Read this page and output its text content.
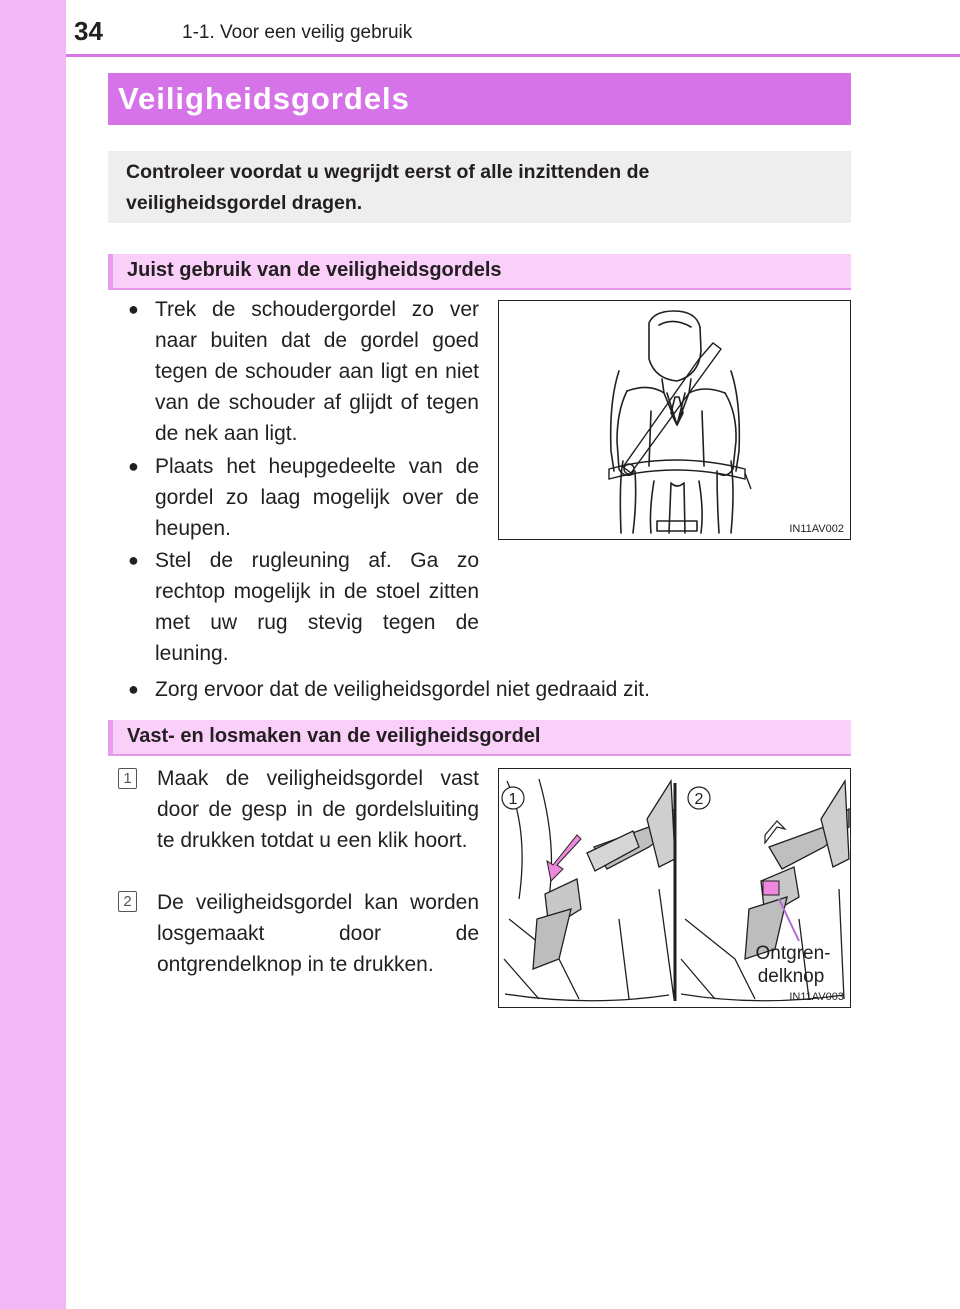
34	1-1. Voor een veilig gebruik
Veiligheidsgordels
Controleer voordat u wegrijdt eerst of alle inzittenden de veiligheidsgordel dragen.
Juist gebruik van de veiligheidsgordels
● Trek de schoudergordel zo ver naar buiten dat de gordel goed tegen de schouder aan ligt en niet van de schouder af glijdt of tegen de nek aan ligt.
● Plaats het heupgedeelte van de gordel zo laag mogelijk over de heupen.
● Stel de rugleuning af. Ga zo rechtop mogelijk in de stoel zitten met uw rug stevig tegen de leuning.
● Zorg ervoor dat de veiligheidsgordel niet gedraaid zit.
IN11AV002
Vast- en losmaken van de veiligheidsgordel
1 Maak de veiligheidsgordel vast door de gesp in de gordelsluiting te drukken totdat u een klik hoort.
2 De veiligheidsgordel kan worden losgemaakt door de ontgrendelknop in te drukken.
1	2
Ontgren-
delknop
IN11AV003
